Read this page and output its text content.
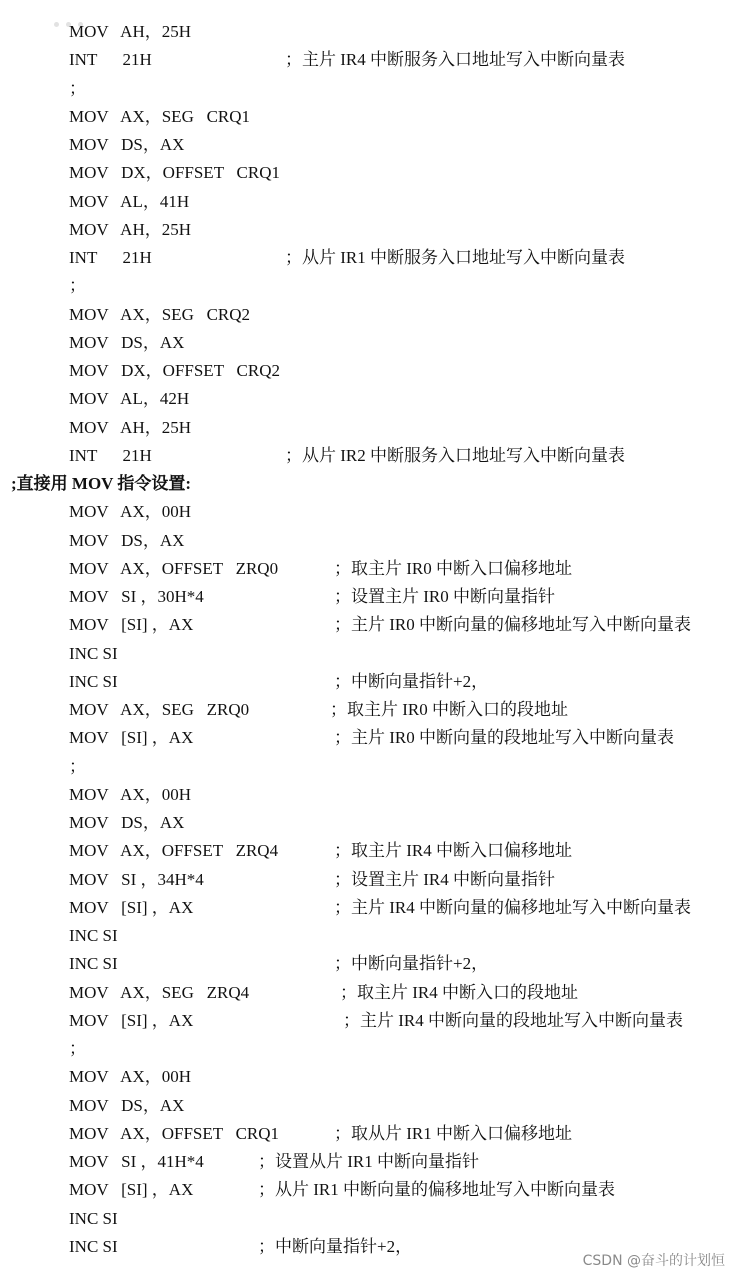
MOV   AH，25H
INT      21H	；主片 IR4 中断服务入口地址写入中断向量表
；
MOV   AX，SEG   CRQ1
MOV   DS，AX
MOV   DX，OFFSET   CRQ1
MOV   AL，41H
MOV   AH，25H
INT      21H	；从片 IR1 中断服务入口地址写入中断向量表
；
MOV   AX，SEG   CRQ2
MOV   DS，AX
MOV   DX，OFFSET   CRQ2
MOV   AL，42H
MOV   AH，25H
INT      21H	；从片 IR2 中断服务入口地址写入中断向量表
;直接用 MOV 指令设置:
MOV   AX，00H
MOV   DS，AX
MOV   AX，OFFSET   ZRQ0	；取主片 IR0 中断入口偏移地址
MOV   SI ，30H*4	；设置主片 IR0 中断向量指针
MOV   [SI] ，AX	；主片 IR0 中断向量的偏移地址写入中断向量表
INC SI
INC SI	；中断向量指针+2，
MOV   AX，SEG   ZRQ0	；取主片 IR0 中断入口的段地址
MOV   [SI] ，AX	；主片 IR0 中断向量的段地址写入中断向量表
；
MOV   AX，00H
MOV   DS，AX
MOV   AX，OFFSET   ZRQ4	；取主片 IR4 中断入口偏移地址
MOV   SI ，34H*4	；设置主片 IR4 中断向量指针
MOV   [SI] ，AX	；主片 IR4 中断向量的偏移地址写入中断向量表
INC SI
INC SI	；中断向量指针+2，
MOV   AX，SEG   ZRQ4	；取主片 IR4 中断入口的段地址
MOV   [SI] ，AX	；主片 IR4 中断向量的段地址写入中断向量表
；
MOV   AX，00H
MOV   DS，AX
MOV   AX，OFFSET   CRQ1	；取从片 IR1 中断入口偏移地址
MOV   SI ，41H*4	；设置从片 IR1 中断向量指针
MOV   [SI] ，AX	；从片 IR1 中断向量的偏移地址写入中断向量表
INC SI
INC SI	；中断向量指针+2，
CSDN @奋斗的计划恒
